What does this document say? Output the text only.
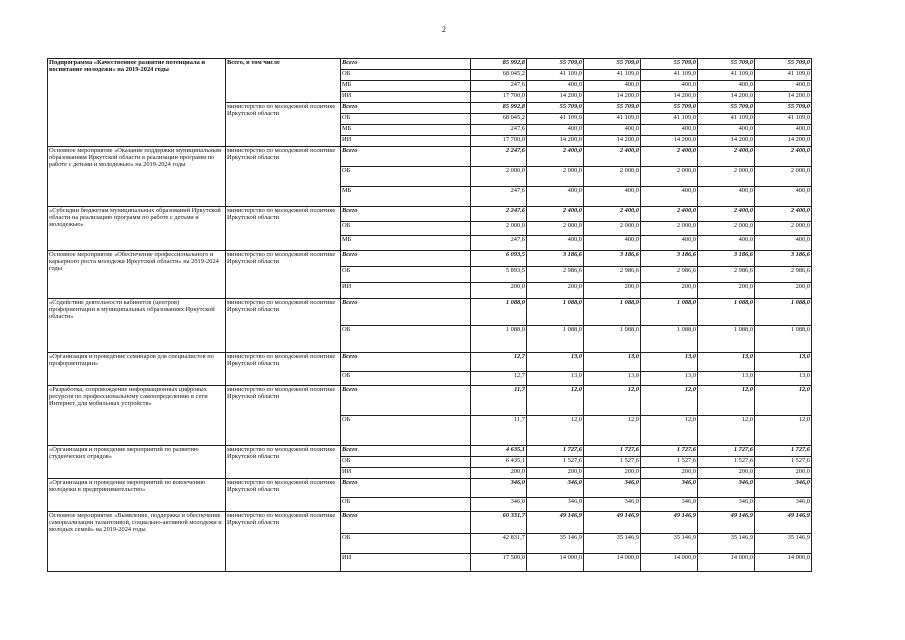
2
Подпрограмма «Качественное развитие потенциала и воспитание молодежи» на 2019-2024 годы	Всего, в том числе	Всего	85 992,8	55 709,0	55 709,0	55 709,0	55 709,0	55 709,0
		ОБ	68 045,2	41 109,0	41 109,0	41 109,0	41 109,0	41 109,0
		МБ	247,6	400,0	400,0	400,0	400,0	400,0
		ИИ	17 700,0	14 200,0	14 200,0	14 200,0	14 200,0	14 200,0
	министерство по молодежной политике Иркутской области	Всего	85 992,8	55 709,0	55 709,0	55 709,0	55 709,0	55 709,0
		ОБ	68 045,2	41 109,0	41 109,0	41 109,0	41 109,0	41 109,0
		МБ	247,6	400,0	400,0	400,0	400,0	400,0
		ИИ	17 700,0	14 200,0	14 200,0	14 200,0	14 200,0	14 200,0
Основное мероприятие «Оказание поддержки муниципальным образованиям Иркутской области в реализации программ по работе с детьми и молодежью» на 2019-2024 годы	министерство по молодежной политике Иркутской области	Всего	2 247,6	2 400,0	2 400,0	2 400,0	2 400,0	2 400,0
		ОБ	2 000,0	2 000,0	2 000,0	2 000,0	2 000,0	2 000,0
		МБ	247,6	400,0	400,0	400,0	400,0	400,0
«Субсидии бюджетам муниципальных образований Иркутской области на реализацию программ по работе с детьми и молодежью»	министерство по молодежной политике Иркутской области	Всего	2 247,6	2 400,0	2 400,0	2 400,0	2 400,0	2 400,0
		ОБ	2 000,0	2 000,0	2 000,0	2 000,0	2 000,0	2 000,0
		МБ	247,6	400,0	400,0	400,0	400,0	400,0
Основное мероприятие «Обеспечение профессионального и карьерного роста молодежи Иркутской области» на 2019-2024 годы	министерство по молодежной политике Иркутской области	Всего	6 093,5	3 186,6	3 186,6	3 186,6	3 186,6	3 186,6
		ОБ	5 893,5	2 986,6	2 986,6	2 986,6	2 986,6	2 986,6
		ИИ	200,0	200,0	200,0	200,0	200,0	200,0
«Содействие деятельности кабинетов (центров) профориентации в муниципальных образованиях Иркутской области»	министерство по молодежной политике Иркутской области	Всего	1 088,0	1 088,0	1 088,0	1 088,0	1 088,0	1 088,0
		ОБ	1 088,0	1 088,0	1 088,0	1 088,0	1 088,0	1 088,0
«Организация и проведение семинаров для специалистов по профориентации»	министерство по молодежной политике Иркутской области	Всего	12,7	13,0	13,0	13,0	13,0	13,0
		ОБ	12,7	13,0	13,0	13,0	13,0	13,0
«Разработка, сопровождение информационных цифровых ресурсов по профессиональному самоопределению в сети Интернет, для мобильных устройств»	министерство по молодежной политике Иркутской области	Всего	11,7	12,0	12,0	12,0	12,0	12,0
		ОБ	11,7	12,0	12,0	12,0	12,0	12,0
«Организация и проведение мероприятий по развитию студенческих отрядов»	министерство по молодежной политике Иркутской области	Всего	4 635,1	1 727,6	1 727,6	1 727,6	1 727,6	1 727,6
		ОБ	6 435,1	1 527,6	1 527,6	1 527,6	1 527,6	1 527,6
		ИИ	200,0	200,0	200,0	200,0	200,0	200,0
«Организация и проведение мероприятий по вовлечению молодежи в предпринимательство»	министерство по молодежной политике Иркутской области	Всего	346,0	346,0	346,0	346,0	346,0	346,0
		ОБ	346,0	346,0	346,0	346,0	346,0	346,0
Основное мероприятие «Выявление, поддержка и обеспечение самореализации талантливой, социально-активной молодежи и молодых семей» на 2019-2024 годы	министерство по молодежной политике Иркутской области	Всего	60 331,7	49 146,9	49 146,9	49 146,9	49 146,9	49 146,9
		ОБ	42 831,7	35 146,9	35 146,9	35 146,9	35 146,9	35 146,9
		ИИ	17 500,0	14 000,0	14 000,0	14 000,0	14 000,0	14 000,0
